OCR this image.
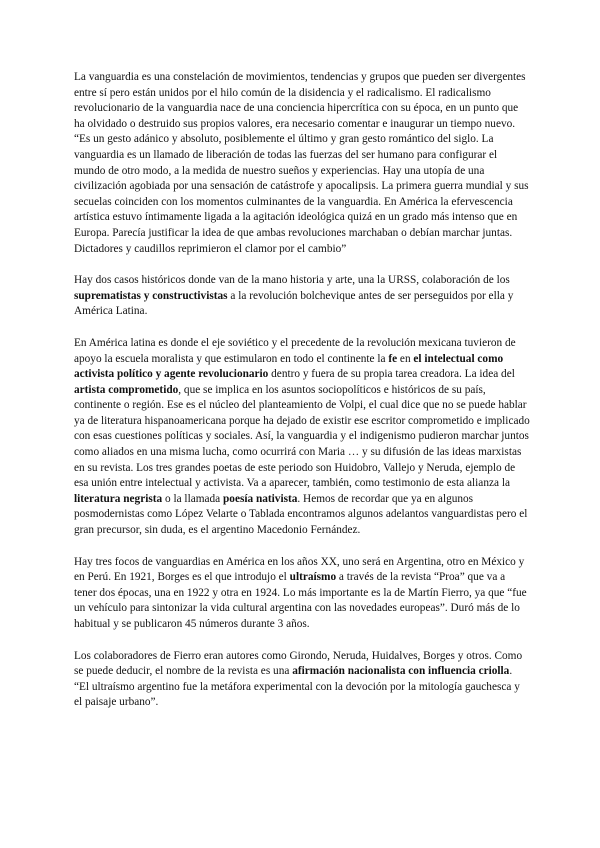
La vanguardia es una constelación de movimientos, tendencias y grupos que pueden ser divergentes entre sí pero están unidos por el hilo común de la disidencia y el radicalismo. El radicalismo revolucionario de la vanguardia nace de una conciencia hipercrítica con su época, en un punto que ha olvidado o destruido sus propios valores, era necesario comentar e inaugurar un tiempo nuevo. “Es un gesto adánico y absoluto, posiblemente el último y gran gesto romántico del siglo. La vanguardia es un llamado de liberación de todas las fuerzas del ser humano para configurar el mundo de otro modo, a la medida de nuestro sueños y experiencias. Hay una utopía de una civilización agobiada por una sensación de catástrofe y apocalipsis. La primera guerra mundial y sus secuelas coinciden con los momentos culminantes de la vanguardia. En América la efervescencia artística estuvo íntimamente ligada a la agitación ideológica quizá en un grado más intenso que en Europa. Parecía justificar la idea de que ambas revoluciones marchaban o debían marchar juntas. Dictadores y caudillos reprimieron el clamor por el cambio”

Hay dos casos históricos donde van de la mano historia y arte, una la URSS, colaboración de los suprematistas y constructivistas a la revolución bolchevique antes de ser perseguidos por ella y América Latina.

En América latina es donde el eje soviético y el precedente de la revolución mexicana tuvieron de apoyo la escuela moralista y que estimularon en todo el continente la fe en el intelectual como activista político y agente revolucionario dentro y fuera de su propia tarea creadora. La idea del artista comprometido, que se implica en los asuntos sociopolíticos e históricos de su país, continente o región. Ese es el núcleo del planteamiento de Volpi, el cual dice que no se puede hablar ya de literatura hispanoamericana porque ha dejado de existir ese escritor comprometido e implicado con esas cuestiones políticas y sociales. Así, la vanguardia y el indigenismo pudieron marchar juntos como aliados en una misma lucha, como ocurrirá con Maria … y su difusión de las ideas marxistas en su revista. Los tres grandes poetas de este periodo son Huidobro, Vallejo y Neruda, ejemplo de esa unión entre intelectual y activista. Va a aparecer, también, como testimonio de esta alianza la literatura negrista o la llamada poesía nativista. Hemos de recordar que ya en algunos posmodernistas como López Velarte o Tablada encontramos algunos adelantos vanguardistas pero el gran precursor, sin duda, es el argentino Macedonio Fernández.

Hay tres focos de vanguardias en América en los años XX, uno será en Argentina, otro en México y en Perú. En 1921, Borges es el que introdujo el ultraísmo a través de la revista “Proa” que va a tener dos épocas, una en 1922 y otra en 1924. Lo más importante es la de Martín Fierro, ya que “fue un vehículo para sintonizar la vida cultural argentina con las novedades europeas”. Duró más de lo habitual y se publicaron 45 números durante 3 años.

Los colaboradores de Fierro eran autores como Girondo, Neruda, Huidalves, Borges y otros. Como se puede deducir, el nombre de la revista es una afirmación nacionalista con influencia criolla. “El ultraísmo argentino fue la metáfora experimental con la devoción por la mitología gauchesca y el paisaje urbano”.
